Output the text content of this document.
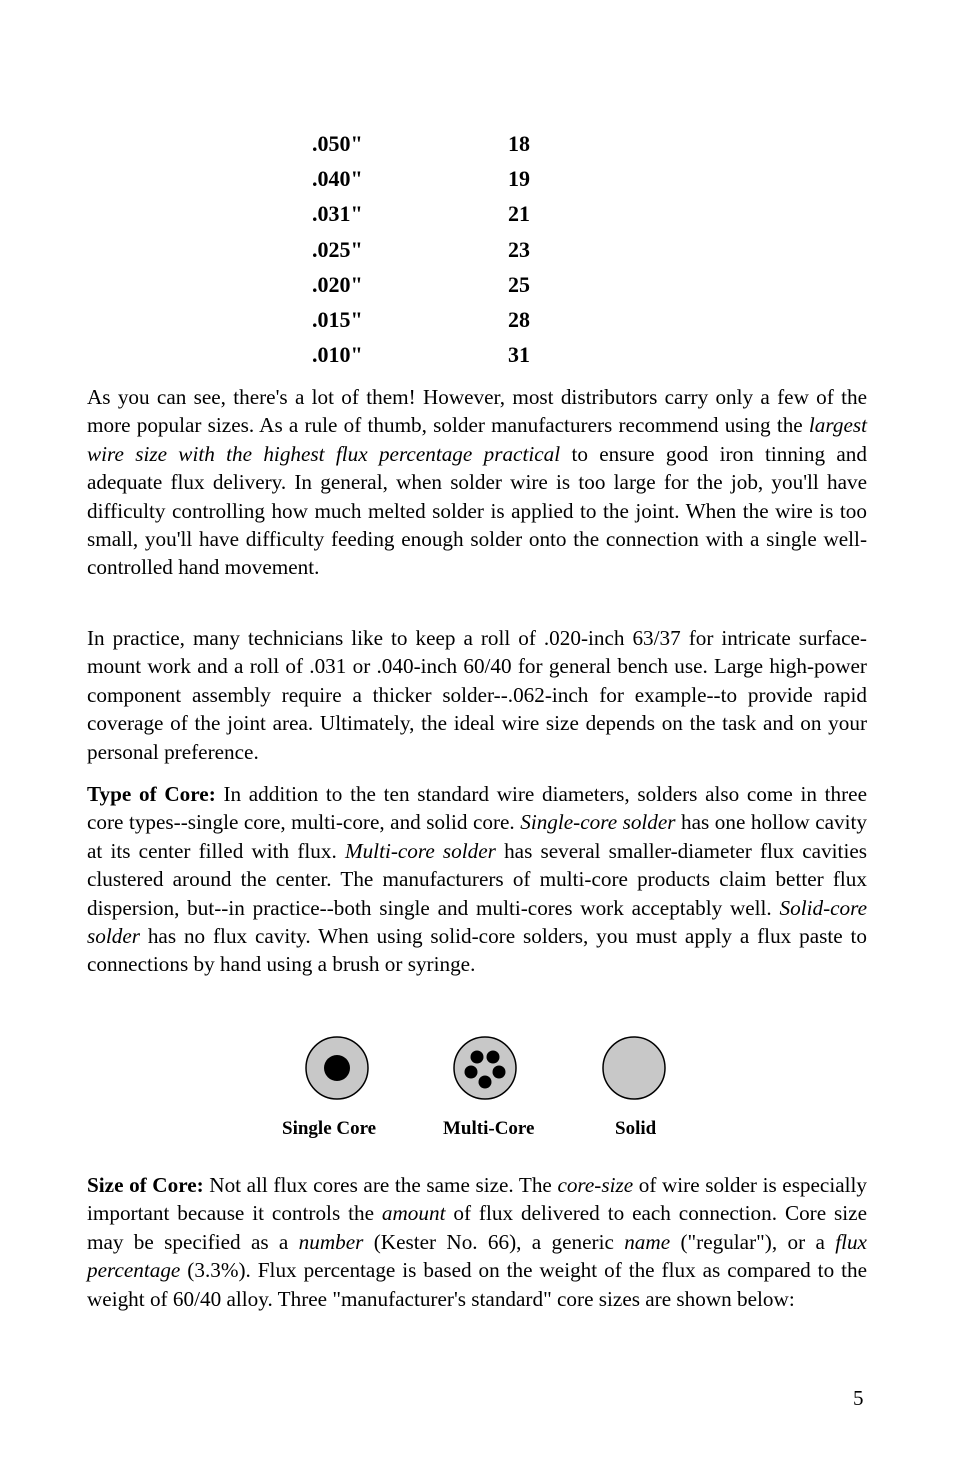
.050"	18
.040"	19
.031"	21
.025"	23
.020"	25
.015"	28
.010"	31

As you can see, there's a lot of them! However, most distributors carry only a few of the more popular sizes. As a rule of thumb, solder manufacturers recommend using the largest wire size with the highest flux percentage practical to ensure good iron tinning and adequate flux delivery. In general, when solder wire is too large for the job, you'll have difficulty controlling how much melted solder is applied to the joint. When the wire is too small, you'll have difficulty feeding enough solder onto the connection with a single well-controlled hand movement.

In practice, many technicians like to keep a roll of .020-inch 63/37 for intricate surface-mount work and a roll of .031 or .040-inch 60/40 for general bench use. Large high-power component assembly require a thicker solder--.062-inch for example--to provide rapid coverage of the joint area. Ultimately, the ideal wire size depends on the task and on your personal preference.

Type of Core: In addition to the ten standard wire diameters, solders also come in three core types--single core, multi-core, and solid core. Single-core solder has one hollow cavity at its center filled with flux. Multi-core solder has several smaller-diameter flux cavities clustered around the center. The manufacturers of multi-core products claim better flux dispersion, but--in practice--both single and multi-cores work acceptably well. Solid-core solder has no flux cavity. When using solid-core solders, you must apply a flux paste to connections by hand using a brush or syringe.

Single Core	Multi-Core	Solid

Size of Core: Not all flux cores are the same size. The core-size of wire solder is especially important because it controls the amount of flux delivered to each connection. Core size may be specified as a number (Kester No. 66), a generic name ("regular"), or a flux percentage (3.3%). Flux percentage is based on the weight of the flux as compared to the weight of 60/40 alloy. Three "manufacturer's standard" core sizes are shown below:

5
